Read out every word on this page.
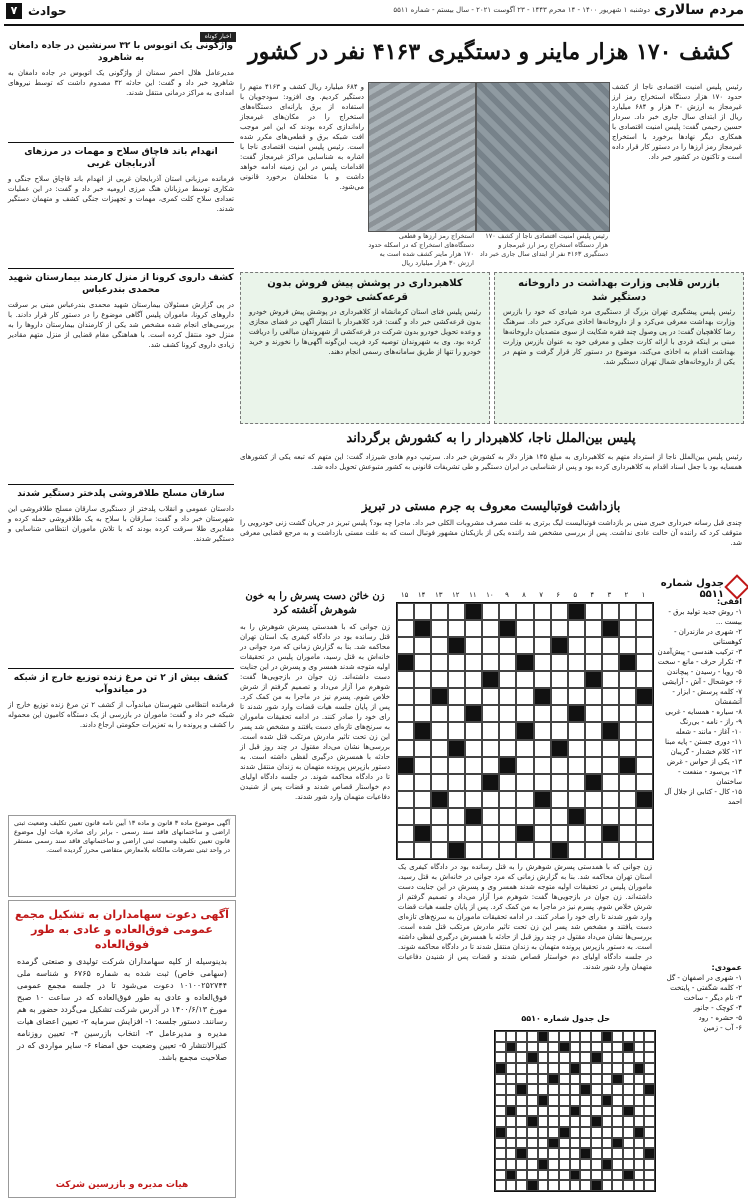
مردم سالاری
دوشنبه ۱ شهریور ۱۴۰۰ - ۱۴ محرم ۱۴۴۳ - ۲۳ آگوست ۲۰۲۱ - سال بیستم - شماره ۵۵۱۱
حوادث
۷
کشف ۱۷۰ هزار ماینر و دستگیری ۴۱۶۳ نفر در کشور
رئیس پلیس امنیت اقتصادی ناجا از کشف حدود ۱۷۰ هزار دستگاه استخراج رمز ارز غیرمجاز به ارزش ۳۰ هزار و ۶۸۴ میلیارد ریال از ابتدای سال جاری خبر داد. سردار حسین رحیمی گفت: پلیس امنیت اقتصادی با همکاری دیگر نهادها برخورد با استخراج غیرمجاز رمز ارزها را در دستور کار قرار داده است و تاکنون در کشور خبر داد.
و ۶۸۴ میلیارد ریال کشف و ۴۱۶۳ متهم را دستگیر کردیم. وی افزود: سودجویان با استفاده از برق یارانه‌ای دستگاه‌های استخراج را در مکان‌های غیرمجاز راه‌اندازی کرده بودند که این امر موجب افت شبکه برق و قطعی‌های مکرر شده است. رئیس پلیس امنیت اقتصادی ناجا با اشاره به شناسایی مراکز غیرمجاز گفت: اقدامات پلیس در این زمینه ادامه خواهد داشت و با متخلفان برخورد قانونی می‌شود.
رئیس پلیس امنیت اقتصادی ناجا از کشف ۱۷۰ هزار دستگاه استخراج رمز ارز غیرمجاز و دستگیری ۴۱۶۳ نفر از ابتدای سال جاری خبر داد
استخراج رمز ارزها و قطعی دستگاه‌های استخراج که در اسکله حدود ۱۷۰ هزار ماینر کشف شده است به ارزش ۳۰ هزار میلیارد ریال
بازرس قلابی وزارت بهداشت در داروخانه دستگیر شد
رئیس پلیس پیشگیری تهران بزرگ از دستگیری مرد شیادی که خود را بازرس وزارت بهداشت معرفی می‌کرد و از داروخانه‌ها اخاذی می‌کرد خبر داد. سرهنگ رضا کلاهچیان گفت: در پی وصول چند فقره شکایت از سوی متصدیان داروخانه‌ها مبنی بر اینکه فردی با ارائه کارت جعلی و معرفی خود به عنوان بازرس وزارت بهداشت اقدام به اخاذی می‌کند، موضوع در دستور کار قرار گرفت و متهم در یکی از داروخانه‌های شمال تهران دستگیر شد.
کلاهبرداری در پوشش پیش فروش بدون قرعه‌کشی خودرو
رئیس پلیس فتای استان کرمانشاه از کلاهبرداری در پوشش پیش فروش خودرو بدون قرعه‌کشی خبر داد و گفت: فرد کلاهبردار با انتشار آگهی در فضای مجازی و وعده تحویل خودرو بدون شرکت در قرعه‌کشی از شهروندان مبالغی را دریافت کرده بود. وی به شهروندان توصیه کرد فریب این‌گونه آگهی‌ها را نخورند و خرید خودرو را تنها از طریق سامانه‌های رسمی انجام دهند.
پلیس بین‌الملل ناجا، کلاهبردار را به کشورش برگرداند
رئیس پلیس بین‌الملل ناجا از استرداد متهم به کلاهبرداری به مبلغ ۱۴۵ هزار دلار به کشورش خبر داد. سرتیپ دوم هادی شیرزاد گفت: این متهم که تبعه یکی از کشورهای همسایه بود با جعل اسناد اقدام به کلاهبرداری کرده بود و پس از شناسایی در ایران دستگیر و طی تشریفات قانونی به کشور متبوعش تحویل داده شد.
بازداشت فوتبالیست معروف به جرم مستی در تبریز
چندی قبل رسانه خبرداری خبری مبنی بر بازداشت فوتبالیست لیگ برتری به علت مصرف مشروبات الکلی خبر داد. ماجرا چه بود؟ پلیس تبریز در جریان گشت زنی خودرویی را متوقف کرد که راننده آن حالت عادی نداشت. پس از بررسی مشخص شد راننده یکی از بازیکنان مشهور فوتبال است که به علت مستی بازداشت و به مرجع قضایی معرفی شد.
جدول شماره ۵۵۱۱
۱
۲
۳
۴
۵
۶
۷
۸
۹
۱۰
۱۱
۱۲
۱۳
۱۴
۱۵
افقی:
۱- روش جدید تولید برق - بیست ...
۲- شهری در مازندران - کوهستانی
۳- ترکیب هندسی - پیش‌آمدن
۴- تکرار حرف - مانع - سخت
۵- رویا - رسیدن - پیچاندن
۶- خوشحال - آش - آرایشی
۷- کلمه پرسش - ابزار - آتشفشان
۸- سیاره - همسایه - غربی
۹- راز - نامه - بی‌رنگ
۱۰- آغاز - مانند - شعله
۱۱- دوری جستن - پایه مبنا
۱۲- کلام خشدار - گریبان
۱۳- یکی از حواس - غرض
۱۴- بی‌سود - منفعت - ساختمان
۱۵- کال - کتابی از جلال آل احمد
عمودی:
۱- شهری در اصفهان - گل
۲- کلمه شگفتی - پایتخت
۳- نام دیگر - ساخت
۴- کوچک - جانور
۵- حشره - رود
۶- آب - زمین
حل جدول شماره ۵۵۱۰
زن خائن دست پسرش را به خون شوهرش آغشته کرد
زن جوانی که با همدستی پسرش شوهرش را به قتل رسانده بود در دادگاه کیفری یک استان تهران محاکمه شد. بنا به گزارش زمانی که مرد جوانی در خانه‌اش به قتل رسید، ماموران پلیس در تحقیقات اولیه متوجه شدند همسر وی و پسرش در این جنایت دست داشته‌اند. زن جوان در بازجویی‌ها گفت: شوهرم مرا آزار می‌داد و تصمیم گرفتم از شرش خلاص شوم. پسرم نیز در ماجرا به من کمک کرد. پس از پایان جلسه هیات قضات وارد شور شدند تا رای خود را صادر کنند. در ادامه تحقیقات ماموران به سرنخ‌های تازه‌ای دست یافتند و مشخص شد پسر این زن تحت تاثیر مادرش مرتکب قتل شده است. بررسی‌ها نشان می‌داد مقتول در چند روز قبل از حادثه با همسرش درگیری لفظی داشته است. به دستور بازپرس پرونده متهمان به زندان منتقل شدند تا در دادگاه محاکمه شوند. در جلسه دادگاه اولیای دم خواستار قصاص شدند و قضات پس از شنیدن دفاعیات متهمان وارد شور شدند.
زن جوانی که با همدستی پسرش شوهرش را به قتل رسانده بود در دادگاه کیفری یک استان تهران محاکمه شد. بنا به گزارش زمانی که مرد جوانی در خانه‌اش به قتل رسید، ماموران پلیس در تحقیقات اولیه متوجه شدند همسر وی و پسرش در این جنایت دست داشته‌اند. زن جوان در بازجویی‌ها گفت: شوهرم مرا آزار می‌داد و تصمیم گرفتم از شرش خلاص شوم. پسرم نیز در ماجرا به من کمک کرد. پس از پایان جلسه هیات قضات وارد شور شدند تا رای خود را صادر کنند. در ادامه تحقیقات ماموران به سرنخ‌های تازه‌ای دست یافتند و مشخص شد پسر این زن تحت تاثیر مادرش مرتکب قتل شده است. بررسی‌ها نشان می‌داد مقتول در چند روز قبل از حادثه با همسرش درگیری لفظی داشته است. به دستور بازپرس پرونده متهمان به زندان منتقل شدند تا در دادگاه محاکمه شوند. در جلسه دادگاه اولیای دم خواستار قصاص شدند و قضات پس از شنیدن دفاعیات متهمان وارد شور شدند.
اخبار کوتاه
واژگونی یک اتوبوس با ۳۲ سرنشین در جاده دامغان به شاهرود
مدیرعامل هلال احمر سمنان از واژگونی یک اتوبوس در جاده دامغان به شاهرود خبر داد و گفت: این حادثه ۳۲ مصدوم داشت که توسط نیروهای امدادی به مراکز درمانی منتقل شدند.
انهدام باند قاچاق سلاح و مهمات در مرزهای آذربایجان غربی
فرمانده مرزبانی استان آذربایجان غربی از انهدام باند قاچاق سلاح جنگی و شکاری توسط مرزبانان هنگ مرزی ارومیه خبر داد و گفت: در این عملیات تعدادی سلاح کلت کمری، مهمات و تجهیزات جنگی کشف و متهمان دستگیر شدند.
کشف داروی کرونا از منزل کارمند بیمارستان شهید محمدی بندرعباس
در پی گزارش مسئولان بیمارستان شهید محمدی بندرعباس مبنی بر سرقت داروهای کرونا، ماموران پلیس آگاهی موضوع را در دستور کار قرار دادند. با بررسی‌های انجام شده مشخص شد یکی از کارمندان بیمارستان داروها را به منزل خود منتقل کرده است. با هماهنگی مقام قضایی از منزل متهم مقادیر زیادی داروی کرونا کشف شد.
سارقان مسلح طلافروشی پلدختر دستگیر شدند
دادستان عمومی و انقلاب پلدختر از دستگیری سارقان مسلح طلافروشی این شهرستان خبر داد و گفت: سارقان با سلاح به یک طلافروشی حمله کرده و مقادیری طلا سرقت کرده بودند که با تلاش ماموران انتظامی شناسایی و دستگیر شدند.
کشف بیش از ۲ تن مرغ زنده توزیع خارج از شبکه در میاندوآب
فرمانده انتظامی شهرستان میاندوآب از کشف ۲ تن مرغ زنده توزیع خارج از شبکه خبر داد و گفت: ماموران در بازرسی از یک دستگاه کامیون این محموله را کشف و پرونده را به تعزیرات حکومتی ارجاع دادند.
آگهی موضوع ماده ۳ قانون و ماده ۱۳ آیین نامه قانون تعیین تکلیف وضعیت ثبتی اراضی و ساختمانهای فاقد سند رسمی - برابر رای صادره هیات اول موضوع قانون تعیین تکلیف وضعیت ثبتی اراضی و ساختمانهای فاقد سند رسمی مستقر در واحد ثبتی تصرفات مالکانه بلامعارض متقاضی محرز گردیده است.
آگهی دعوت سهامداران به تشکیل مجمع عمومی فوق‌العاده و عادی به طور فوق‌العاده
بدینوسیله از کلیه سهامداران شرکت تولیدی و صنعتی گرمده (سهامی خاص) ثبت شده به شماره ۶۷۶۵ و شناسه ملی ۱۰۱۰۰۲۵۲۷۴۴ دعوت می‌شود تا در جلسه مجمع عمومی فوق‌العاده و عادی به طور فوق‌العاده که در ساعت ۱۰ صبح مورخ ۱۴۰۰/۶/۱۳ در آدرس شرکت تشکیل می‌گردد حضور به هم رسانند. دستور جلسه: ۱- افزایش سرمایه ۲- تعیین اعضای هیات مدیره و مدیرعامل ۳- انتخاب بازرسین ۴- تعیین روزنامه کثیرالانتشار ۵- تعیین وضعیت حق امضاء ۶- سایر مواردی که در صلاحیت مجمع باشد.
هیات مدیره و بازرسین شرکت
